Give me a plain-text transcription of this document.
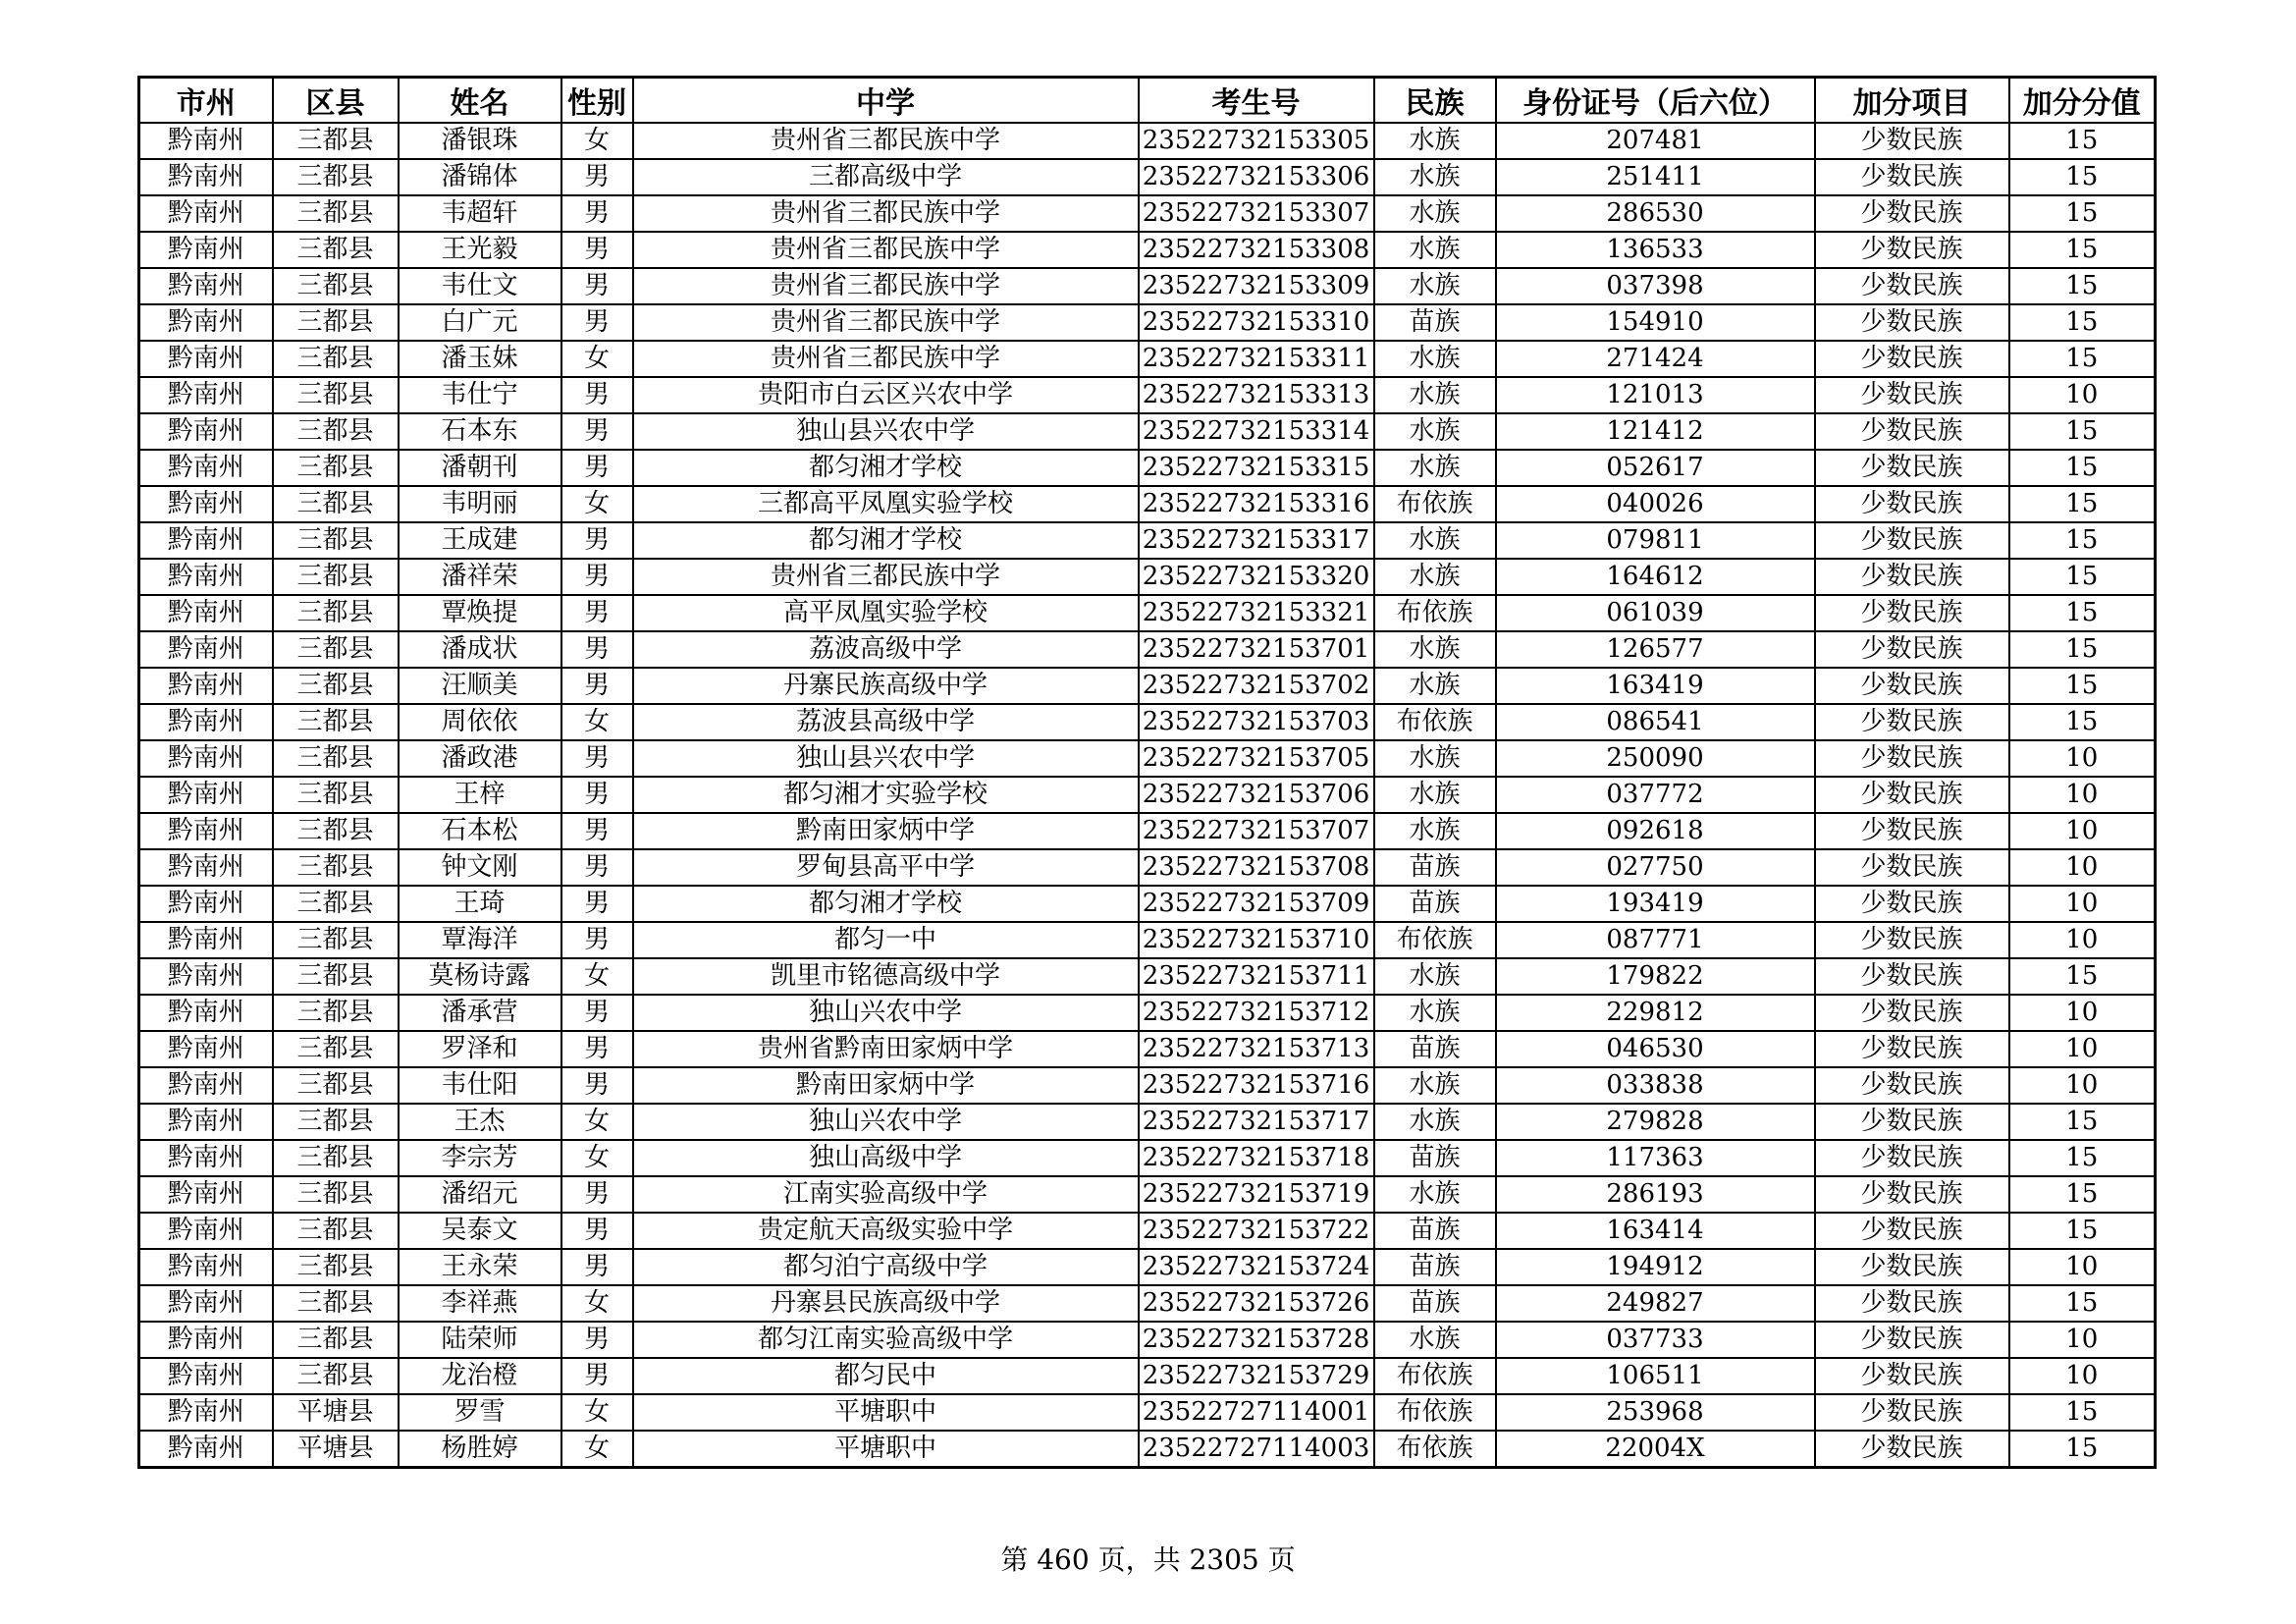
市州	区县	姓名	性别	中学	考生号	民族	身份证号（后六位）	加分项目	加分分值
黔南州	三都县	潘银珠	女	贵州省三都民族中学	23522732153305	水族	207481	少数民族	15
黔南州	三都县	潘锦体	男	三都高级中学	23522732153306	水族	251411	少数民族	15
黔南州	三都县	韦超轩	男	贵州省三都民族中学	23522732153307	水族	286530	少数民族	15
黔南州	三都县	王光毅	男	贵州省三都民族中学	23522732153308	水族	136533	少数民族	15
黔南州	三都县	韦仕文	男	贵州省三都民族中学	23522732153309	水族	037398	少数民族	15
黔南州	三都县	白广元	男	贵州省三都民族中学	23522732153310	苗族	154910	少数民族	15
黔南州	三都县	潘玉妹	女	贵州省三都民族中学	23522732153311	水族	271424	少数民族	15
黔南州	三都县	韦仕宁	男	贵阳市白云区兴农中学	23522732153313	水族	121013	少数民族	10
黔南州	三都县	石本东	男	独山县兴农中学	23522732153314	水族	121412	少数民族	15
黔南州	三都县	潘朝刊	男	都匀湘才学校	23522732153315	水族	052617	少数民族	15
黔南州	三都县	韦明丽	女	三都高平凤凰实验学校	23522732153316	布依族	040026	少数民族	15
黔南州	三都县	王成建	男	都匀湘才学校	23522732153317	水族	079811	少数民族	15
黔南州	三都县	潘祥荣	男	贵州省三都民族中学	23522732153320	水族	164612	少数民族	15
黔南州	三都县	覃焕提	男	高平凤凰实验学校	23522732153321	布依族	061039	少数民族	15
黔南州	三都县	潘成状	男	荔波高级中学	23522732153701	水族	126577	少数民族	15
黔南州	三都县	汪顺美	男	丹寨民族高级中学	23522732153702	水族	163419	少数民族	15
黔南州	三都县	周依依	女	荔波县高级中学	23522732153703	布依族	086541	少数民族	15
黔南州	三都县	潘政港	男	独山县兴农中学	23522732153705	水族	250090	少数民族	10
黔南州	三都县	王梓	男	都匀湘才实验学校	23522732153706	水族	037772	少数民族	10
黔南州	三都县	石本松	男	黔南田家炳中学	23522732153707	水族	092618	少数民族	10
黔南州	三都县	钟文刚	男	罗甸县高平中学	23522732153708	苗族	027750	少数民族	10
黔南州	三都县	王琦	男	都匀湘才学校	23522732153709	苗族	193419	少数民族	10
黔南州	三都县	覃海洋	男	都匀一中	23522732153710	布依族	087771	少数民族	10
黔南州	三都县	莫杨诗露	女	凯里市铭德高级中学	23522732153711	水族	179822	少数民族	15
黔南州	三都县	潘承营	男	独山兴农中学	23522732153712	水族	229812	少数民族	10
黔南州	三都县	罗泽和	男	贵州省黔南田家炳中学	23522732153713	苗族	046530	少数民族	10
黔南州	三都县	韦仕阳	男	黔南田家炳中学	23522732153716	水族	033838	少数民族	10
黔南州	三都县	王杰	女	独山兴农中学	23522732153717	水族	279828	少数民族	15
黔南州	三都县	李宗芳	女	独山高级中学	23522732153718	苗族	117363	少数民族	15
黔南州	三都县	潘绍元	男	江南实验高级中学	23522732153719	水族	286193	少数民族	15
黔南州	三都县	吴泰文	男	贵定航天高级实验中学	23522732153722	苗族	163414	少数民族	15
黔南州	三都县	王永荣	男	都匀泊宁高级中学	23522732153724	苗族	194912	少数民族	10
黔南州	三都县	李祥燕	女	丹寨县民族高级中学	23522732153726	苗族	249827	少数民族	15
黔南州	三都县	陆荣师	男	都匀江南实验高级中学	23522732153728	水族	037733	少数民族	10
黔南州	三都县	龙治橙	男	都匀民中	23522732153729	布依族	106511	少数民族	10
黔南州	平塘县	罗雪	女	平塘职中	23522727114001	布依族	253968	少数民族	15
黔南州	平塘县	杨胜婷	女	平塘职中	23522727114003	布依族	22004X	少数民族	15
第 460 页，共 2305 页
